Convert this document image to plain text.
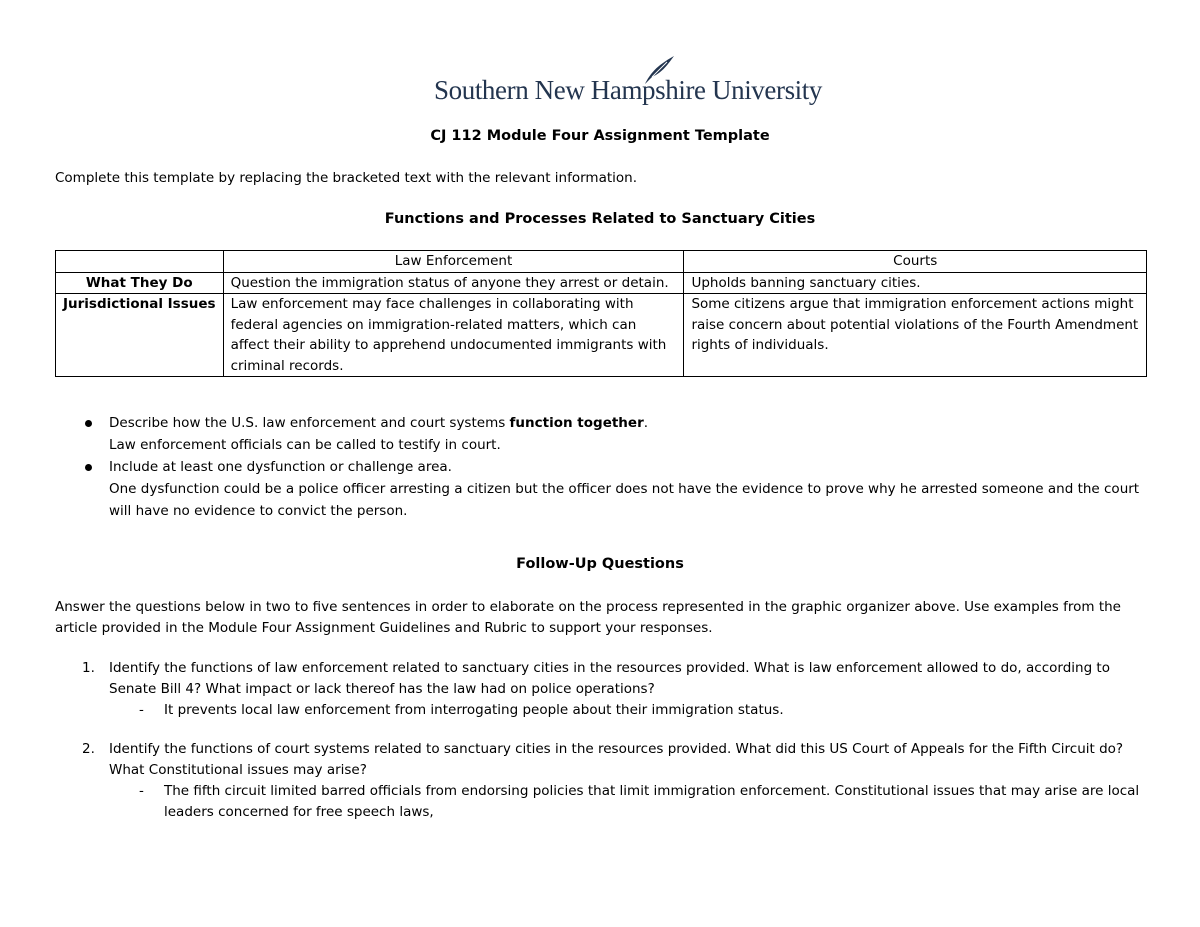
Southern New Hampshire University
CJ 112 Module Four Assignment Template
Complete this template by replacing the bracketed text with the relevant information.
Functions and Processes Related to Sanctuary Cities
	Law Enforcement	Courts
What They Do	Question the immigration status of anyone they arrest or detain.	Upholds banning sanctuary cities.
Jurisdictional Issues	Law enforcement may face challenges in collaborating with federal agencies on immigration-related matters, which can affect their ability to apprehend undocumented immigrants with criminal records.	Some citizens argue that immigration enforcement actions might raise concern about potential violations of the Fourth Amendment rights of individuals.
Describe how the U.S. law enforcement and court systems function together.
Law enforcement officials can be called to testify in court.
Include at least one dysfunction or challenge area.
One dysfunction could be a police officer arresting a citizen but the officer does not have the evidence to prove why he arrested someone and the court will have no evidence to convict the person.
Follow-Up Questions
Answer the questions below in two to five sentences in order to elaborate on the process represented in the graphic organizer above. Use examples from the article provided in the Module Four Assignment Guidelines and Rubric to support your responses.
1. Identify the functions of law enforcement related to sanctuary cities in the resources provided. What is law enforcement allowed to do, according to Senate Bill 4? What impact or lack thereof has the law had on police operations?
- It prevents local law enforcement from interrogating people about their immigration status.
2. Identify the functions of court systems related to sanctuary cities in the resources provided. What did this US Court of Appeals for the Fifth Circuit do? What Constitutional issues may arise?
- The fifth circuit limited barred officials from endorsing policies that limit immigration enforcement. Constitutional issues that may arise are local leaders concerned for free speech laws,
